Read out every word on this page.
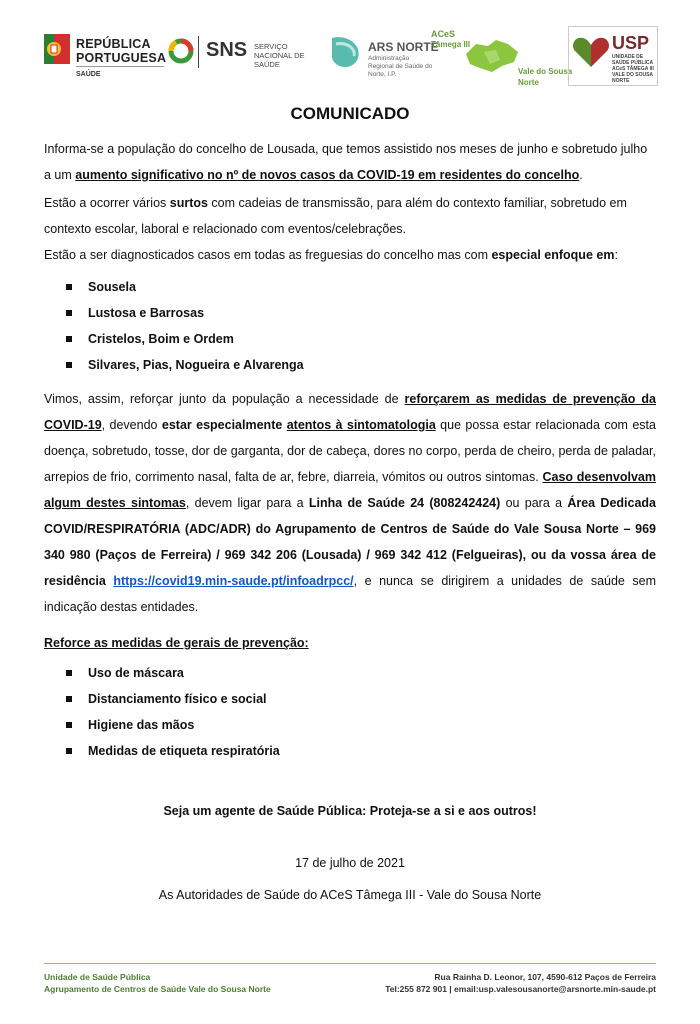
REPÚBLICA
PORTUGUESA
SAÚDE
SNS SERVIÇO NACIONAL DE SAÚDE
ARS NORTE
Administração Regional de Saúde do Norte, I.P.
ACeS
Tâmega III
Vale do Sousa
Norte
USP
UNIDADE DE SAÚDE PÚBLICA ACeS TÂMEGA III VALE DO SOUSA NORTE
COMUNICADO

Informa-se a população do concelho de Lousada, que temos assistido nos meses de junho e sobretudo julho a um aumento significativo no nº de novos casos da COVID-19 em residentes do concelho.

Estão a ocorrer vários surtos com cadeias de transmissão, para além do contexto familiar, sobretudo em contexto escolar, laboral e relacionado com eventos/celebrações.

Estão a ser diagnosticados casos em todas as freguesias do concelho mas com especial enfoque em:

Sousela
Lustosa e Barrosas
Cristelos, Boim e Ordem
Silvares, Pias, Nogueira e Alvarenga

Vimos, assim, reforçar junto da população a necessidade de reforçarem as medidas de prevenção da COVID-19, devendo estar especialmente atentos à sintomatologia que possa estar relacionada com esta doença, sobretudo, tosse, dor de garganta, dor de cabeça, dores no corpo, perda de cheiro, perda de paladar, arrepios de frio, corrimento nasal, falta de ar, febre, diarreia, vómitos ou outros sintomas. Caso desenvolvam algum destes sintomas, devem ligar para a Linha de Saúde 24 (808242424) ou para a Área Dedicada COVID/RESPIRATÓRIA (ADC/ADR) do Agrupamento de Centros de Saúde do Vale Sousa Norte – 969 340 980 (Paços de Ferreira) / 969 342 206 (Lousada) / 969 342 412 (Felgueiras), ou da vossa área de residência https://covid19.min-saude.pt/infoadrpcc/, e nunca se dirigirem a unidades de saúde sem indicação destas entidades.

Reforce as medidas de gerais de prevenção:

Uso de máscara
Distanciamento físico e social
Higiene das mãos
Medidas de etiqueta respiratória
Seja um agente de Saúde Pública: Proteja-se a si e aos outros!
17 de julho de 2021
As Autoridades de Saúde do ACeS Tâmega III - Vale do Sousa Norte
Unidade de Saúde Pública
Agrupamento de Centros de Saúde Vale do Sousa Norte
Rua Rainha D. Leonor, 107, 4590-612 Paços de Ferreira
Tel:255 872 901 | email:usp.valesousanorte@arsnorte.min-saude.pt
